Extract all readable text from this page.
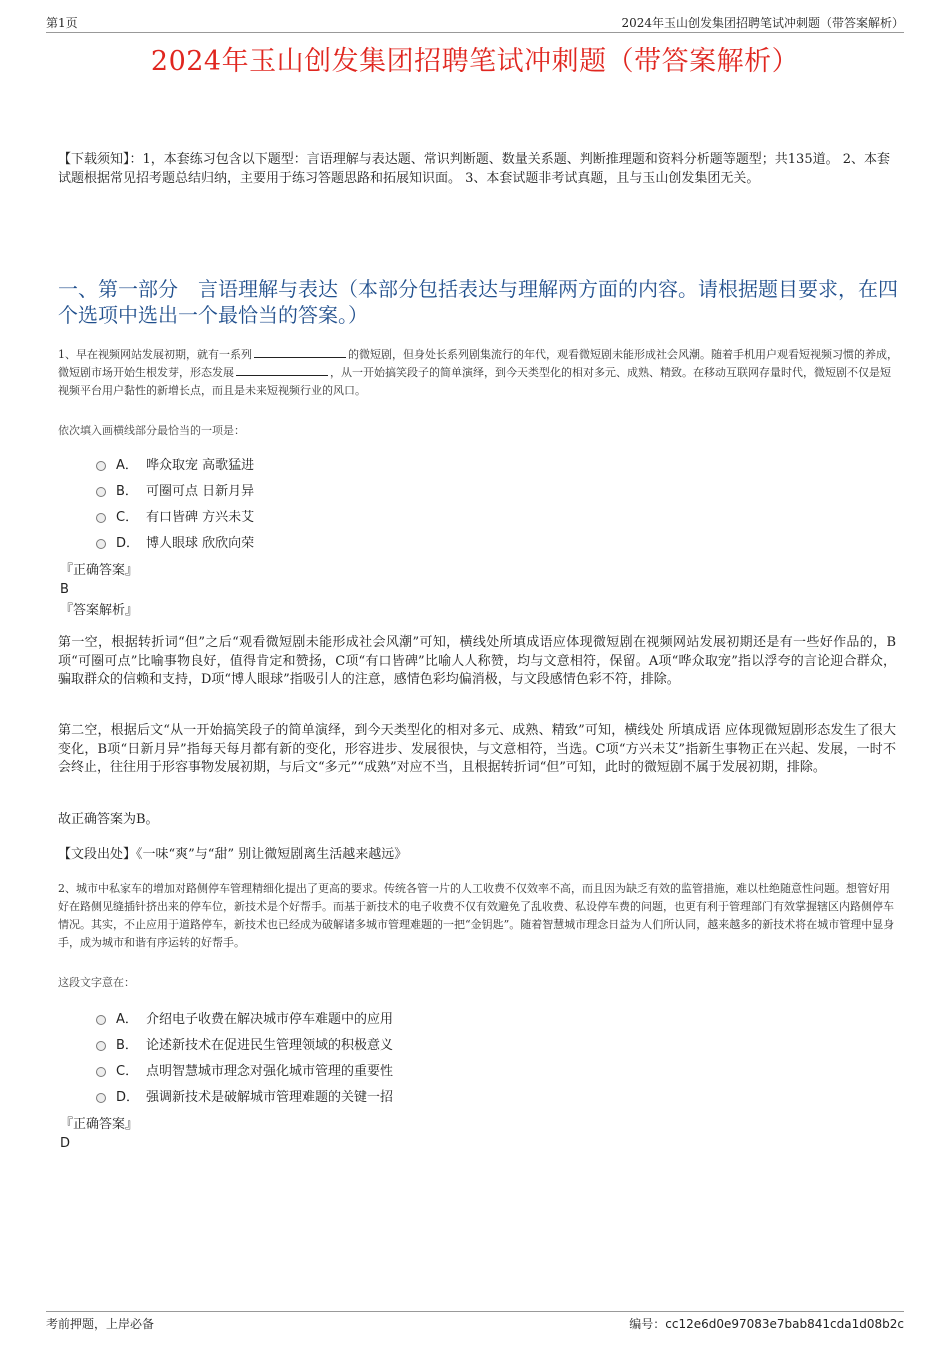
第1页	2024年玉山创发集团招聘笔试冲刺题（带答案解析）
2024年玉山创发集团招聘笔试冲刺题（带答案解析）
【下载须知】：1，本套练习包含以下题型：言语理解与表达题、常识判断题、数量关系题、判断推理题和资料分析题等题型；共135道。 2、本套试题根据常见招考题总结归纳，主要用于练习答题思路和拓展知识面。 3、本套试题非考试真题，且与玉山创发集团无关。
一、第一部分　言语理解与表达（本部分包括表达与理解两方面的内容。请根据题目要求，在四个选项中选出一个最恰当的答案。）
1、早在视频网站发展初期，就有一系列	的微短剧，但身处长系列剧集流行的年代，观看微短剧未能形成社会风潮。随着手机用户观看短视频习惯的养成，微短剧市场开始生根发芽，形态发展	，从一开始搞笑段子的简单演绎，到今天类型化的相对多元、成熟、精致。在移动互联网存量时代，微短剧不仅是短视频平台用户黏性的新增长点，而且是未来短视频行业的风口。
依次填入画横线部分最恰当的一项是：
A． 哗众取宠 高歌猛进
B． 可圈可点 日新月异
C． 有口皆碑 方兴未艾
D． 博人眼球 欣欣向荣
『正确答案』
B
『答案解析』
第一空，根据转折词“但”之后“观看微短剧未能形成社会风潮”可知，横线处所填成语应体现微短剧在视频网站发展初期还是有一些好作品的，B项“可圈可点”比喻事物良好，值得肯定和赞扬，C项“有口皆碑”比喻人人称赞，均与文意相符，保留。A项“哗众取宠”指以浮夸的言论迎合群众，骗取群众的信赖和支持，D项“博人眼球”指吸引人的注意，感情色彩均偏消极，与文段感情色彩不符，排除。
第二空，根据后文“从一开始搞笑段子的简单演绎，到今天类型化的相对多元、成熟、精致”可知，横线处 所填成语 应体现微短剧形态发生了很大变化，B项“日新月异”指每天每月都有新的变化，形容进步、发展很快，与文意相符，当选。C项“方兴未艾”指新生事物正在兴起、发展，一时不会终止，往往用于形容事物发展初期，与后文“多元”“成熟”对应不当，且根据转折词“但”可知，此时的微短剧不属于发展初期，排除。
故正确答案为B。
【文段出处】《一味“爽”与“甜” 别让微短剧离生活越来越远》
2、城市中私家车的增加对路侧停车管理精细化提出了更高的要求。传统各管一片的人工收费不仅效率不高，而且因为缺乏有效的监管措施，难以杜绝随意性问题。想管好用好在路侧见缝插针挤出来的停车位，新技术是个好帮手。而基于新技术的电子收费不仅有效避免了乱收费、私设停车费的问题，也更有利于管理部门有效掌握辖区内路侧停车情况。其实，不止应用于道路停车，新技术也已经成为破解诸多城市管理难题的一把“金钥匙”。随着智慧城市理念日益为人们所认同，越来越多的新技术将在城市管理中显身手，成为城市和谐有序运转的好帮手。
这段文字意在：
A． 介绍电子收费在解决城市停车难题中的应用
B． 论述新技术在促进民生管理领域的积极意义
C． 点明智慧城市理念对强化城市管理的重要性
D． 强调新技术是破解城市管理难题的关键一招
『正确答案』
D
考前押题，上岸必备	编号：cc12e6d0e97083e7bab841cda1d08b2c
